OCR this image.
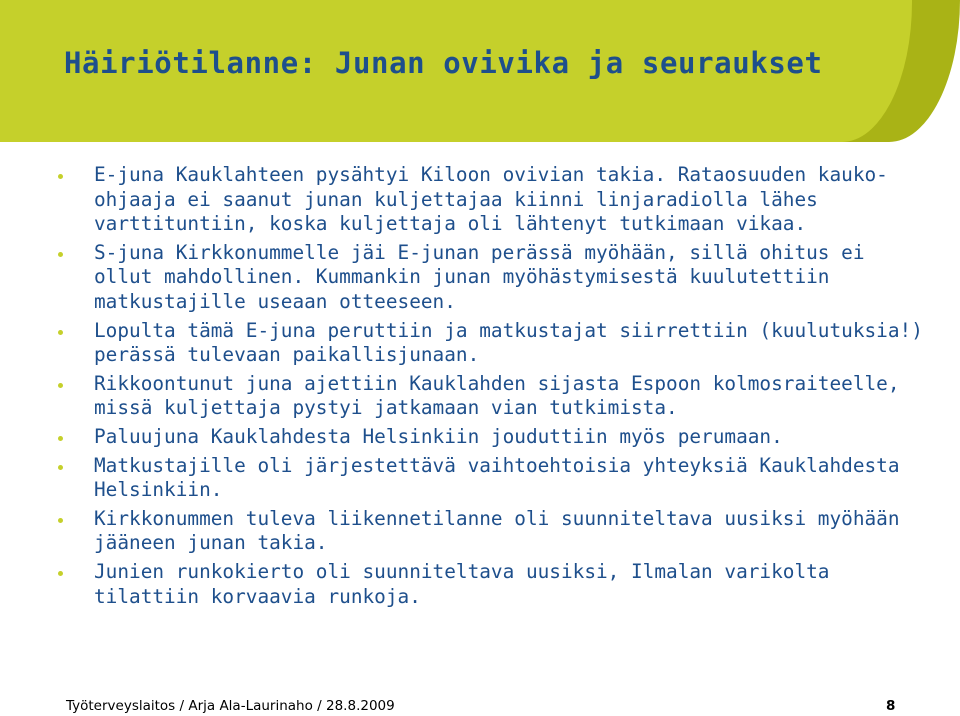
Häiriötilanne: Junan ovivika ja seuraukset
E-juna Kauklahteen pysähtyi Kiloon ovivian takia. Rataosuuden kauko-ohjaaja ei saanut junan kuljettajaa kiinni linjaradiolla lähes varttituntiin, koska kuljettaja oli lähtenyt tutkimaan vikaa.
S-juna Kirkkonummelle jäi E-junan perässä myöhään, sillä ohitus ei ollut mahdollinen. Kummankin junan myöhästymisestä kuulutettiin matkustajille useaan otteeseen.
Lopulta tämä E-juna peruttiin ja matkustajat siirrettiin (kuulutuksia!) perässä tulevaan paikallisjunaan.
Rikkoontunut juna ajettiin Kauklahden sijasta Espoon kolmosraiteelle, missä kuljettaja pystyi jatkamaan vian tutkimista.
Paluujuna Kauklahdesta Helsinkiin jouduttiin myös perumaan.
Matkustajille oli järjestettävä vaihtoehtoisia yhteyksiä Kauklahdesta Helsinkiin.
Kirkkonummen tuleva liikennetilanne oli suunniteltava uusiksi myöhään jääneen junan takia.
Junien runkokierto oli suunniteltava uusiksi, Ilmalan varikolta tilattiin korvaavia runkoja.
Työterveyslaitos / Arja Ala-Laurinaho / 28.8.2009	8
